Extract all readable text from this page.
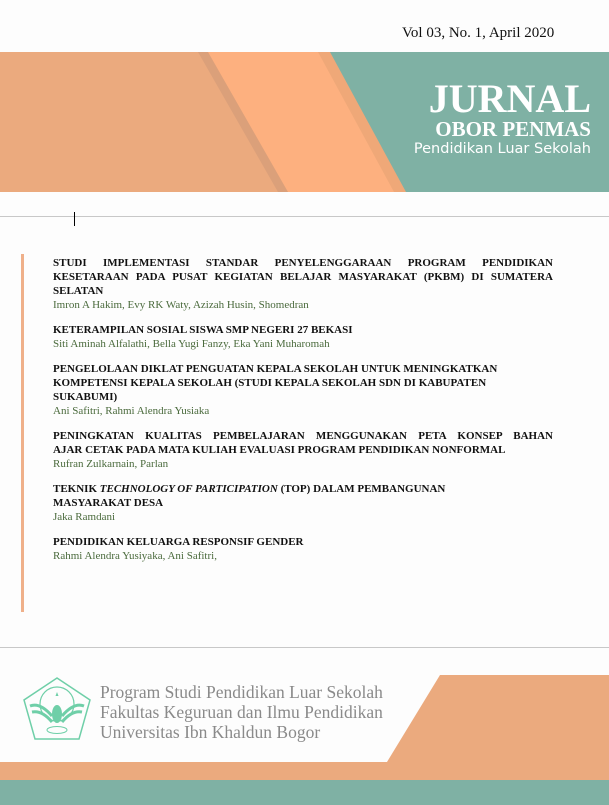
Vol 03, No. 1, April 2020
JURNAL
OBOR PENMAS
Pendidikan Luar Sekolah
STUDI IMPLEMENTASI STANDAR PENYELENGGARAAN PROGRAM PENDIDIKAN
KESETARAAN PADA PUSAT KEGIATAN BELAJAR MASYARAKAT (PKBM) DI SUMATERA
SELATAN
Imron A Hakim, Evy RK Waty, Azizah Husin, Shomedran
KETERAMPILAN SOSIAL SISWA SMP NEGERI 27 BEKASI
Siti Aminah Alfalathi, Bella Yugi Fanzy, Eka Yani Muharomah
PENGELOLAAN DIKLAT PENGUATAN KEPALA SEKOLAH UNTUK MENINGKATKAN
KOMPETENSI KEPALA SEKOLAH (STUDI KEPALA SEKOLAH SDN DI KABUPATEN
SUKABUMI)
Ani Safitri, Rahmi Alendra Yusiaka
PENINGKATAN KUALITAS PEMBELAJARAN MENGGUNAKAN PETA KONSEP BAHAN
AJAR CETAK PADA MATA KULIAH EVALUASI PROGRAM PENDIDIKAN NONFORMAL
Rufran Zulkarnain, Parlan
TEKNIK TECHNOLOGY OF PARTICIPATION (TOP) DALAM PEMBANGUNAN
MASYARAKAT DESA
Jaka Ramdani
PENDIDIKAN KELUARGA RESPONSIF GENDER
Rahmi Alendra Yusiyaka, Ani Safitri,
Program Studi Pendidikan Luar Sekolah
Fakultas Keguruan dan Ilmu Pendidikan
Universitas Ibn Khaldun Bogor
